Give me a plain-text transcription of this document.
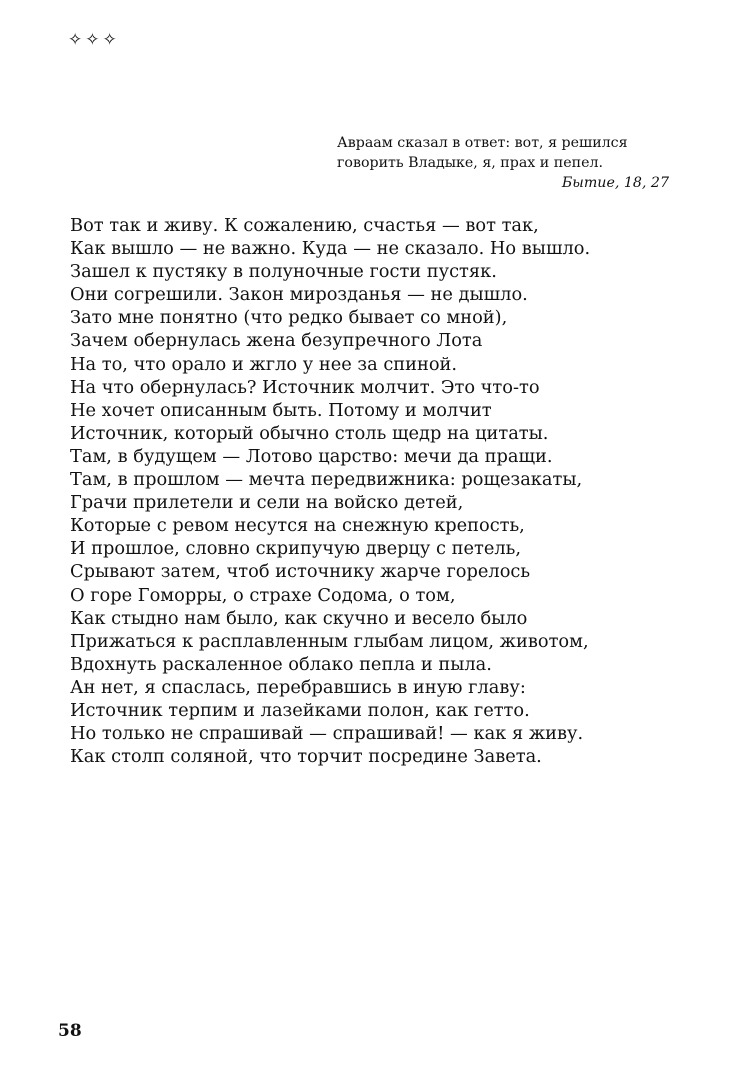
✧✧✧
Авраам сказал в ответ: вот, я решился
говорить Владыке, я, прах и пепел.
Бытие, 18, 27
Вот так и живу. К сожалению, счастья — вот так,
Как вышло — не важно. Куда — не сказало. Но вышло.
Зашел к пустяку в полуночные гости пустяк.
Они согрешили. Закон мирозданья — не дышло.
Зато мне понятно (что редко бывает со мной),
Зачем обернулась жена безупречного Лота
На то, что орало и жгло у нее за спиной.
На что обернулась? Источник молчит. Это что-то
Не хочет описанным быть. Потому и молчит
Источник, который обычно столь щедр на цитаты.
Там, в будущем — Лотово царство: мечи да пращи.
Там, в прошлом — мечта передвижника: рощезакаты,
Грачи прилетели и сели на войско детей,
Которые с ревом несутся на снежную крепость,
И прошлое, словно скрипучую дверцу с петель,
Срывают затем, чтоб источнику жарче горелось
О горе Гоморры, о страхе Содома, о том,
Как стыдно нам было, как скучно и весело было
Прижаться к расплавленным глыбам лицом, животом,
Вдохнуть раскаленное облако пепла и пыла.
Ан нет, я спаслась, перебравшись в иную главу:
Источник терпим и лазейками полон, как гетто.
Но только не спрашивай — спрашивай! — как я живу.
Как столп соляной, что торчит посредине Завета.
58
